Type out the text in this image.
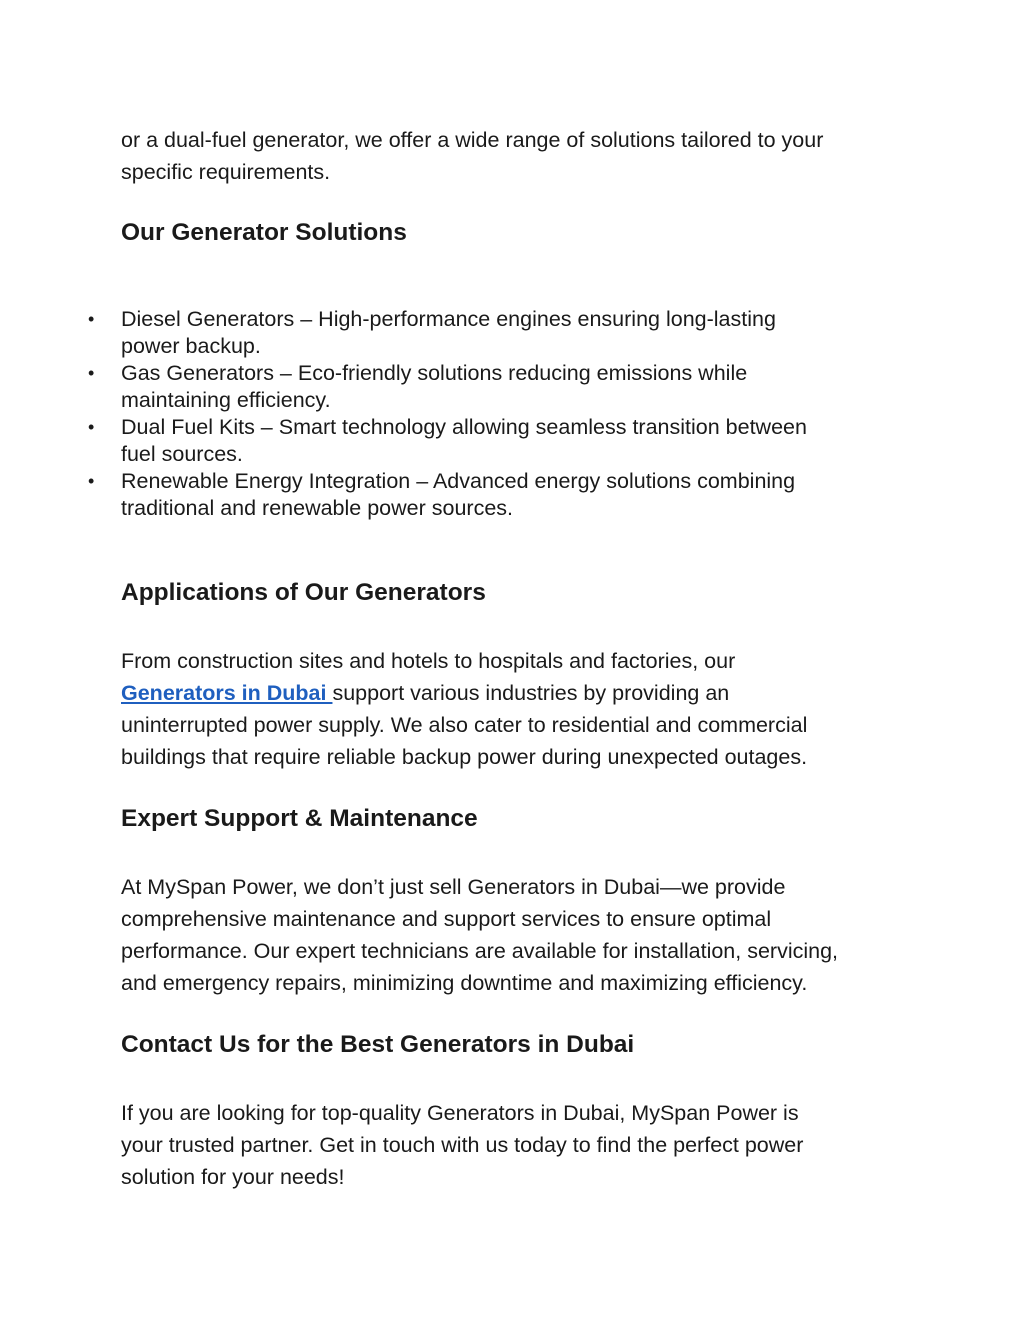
or a dual-fuel generator, we offer a wide range of solutions tailored to your
specific requirements.

Our Generator Solutions
• Diesel Generators – High-performance engines ensuring long-lasting
power backup.
• Gas Generators – Eco-friendly solutions reducing emissions while
maintaining efficiency.
• Dual Fuel Kits – Smart technology allowing seamless transition between
fuel sources.
• Renewable Energy Integration – Advanced energy solutions combining
traditional and renewable power sources.
Applications of Our Generators

From construction sites and hotels to hospitals and factories, our
Generators in Dubai support various industries by providing an
uninterrupted power supply. We also cater to residential and commercial
buildings that require reliable backup power during unexpected outages.

Expert Support & Maintenance

At MySpan Power, we don’t just sell Generators in Dubai—we provide
comprehensive maintenance and support services to ensure optimal
performance. Our expert technicians are available for installation, servicing,
and emergency repairs, minimizing downtime and maximizing efficiency.

Contact Us for the Best Generators in Dubai

If you are looking for top-quality Generators in Dubai, MySpan Power is
your trusted partner. Get in touch with us today to find the perfect power
solution for your needs!
